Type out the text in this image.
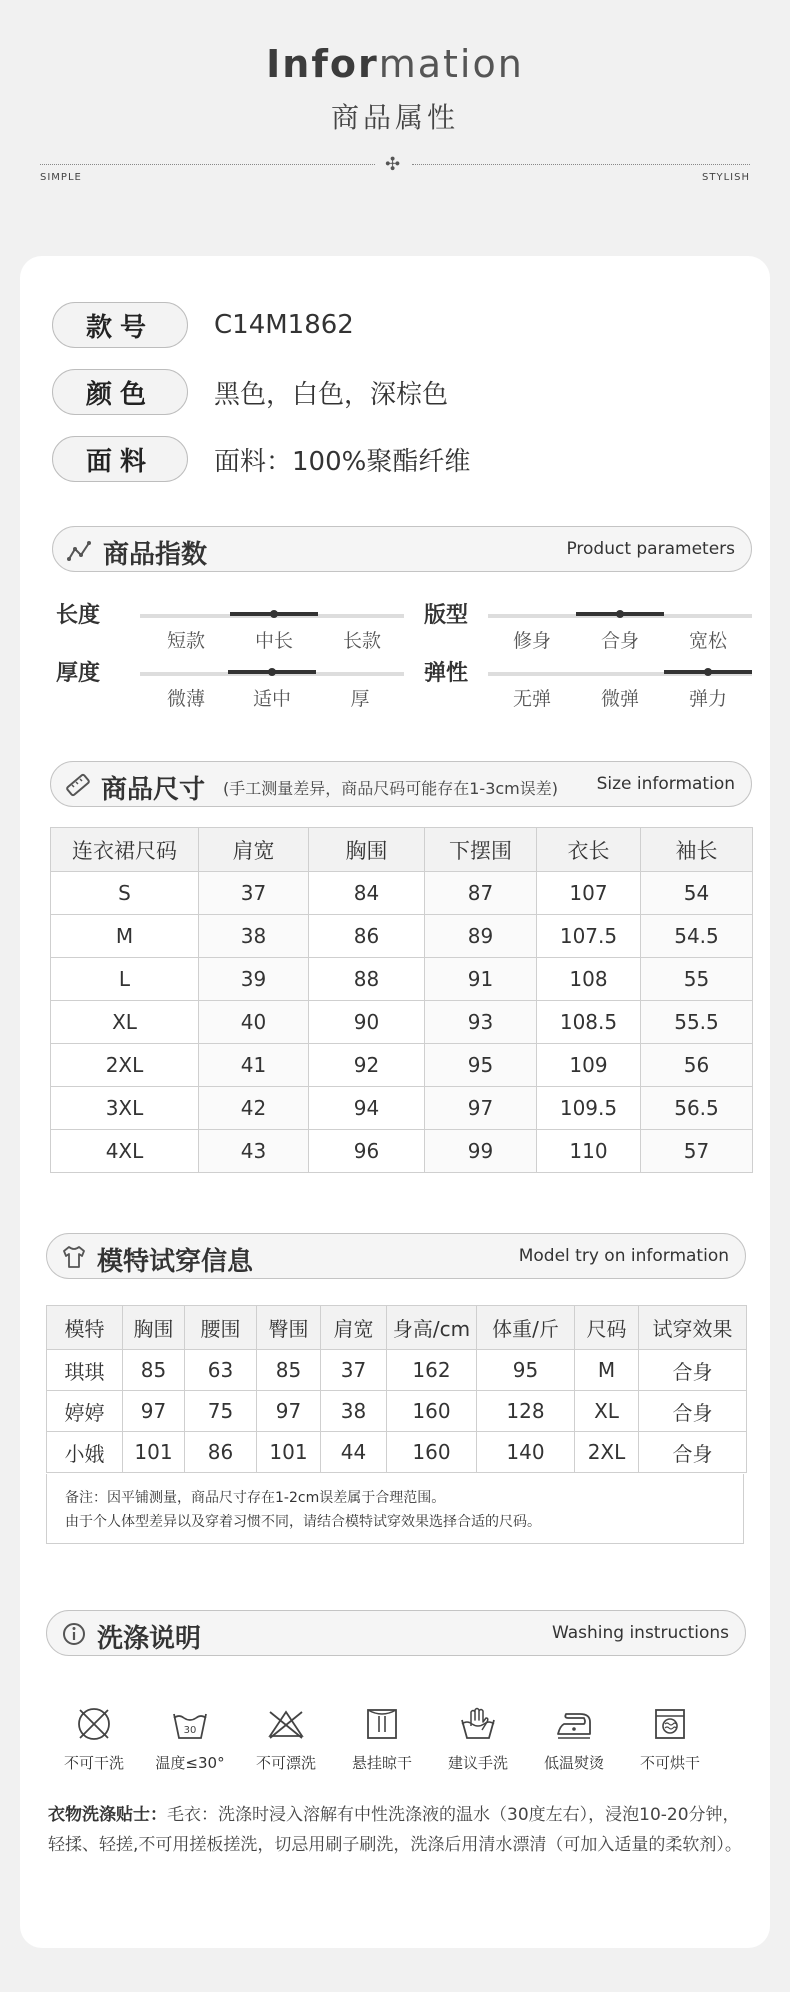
Information
商品属性
✣
SIMPLE	STYLISH
款号	C14M1862
颜色	黑色，白色，深棕色
面料	面料：100%聚酯纤维
商品指数	Product parameters
长度
短款	中长	长款
版型
修身	合身	宽松
厚度
微薄	适中	厚
弹性
无弹	微弹	弹力
商品尺寸 (手工测量差异，商品尺码可能存在1-3cm误差) Size information
连衣裙尺码	肩宽	胸围	下摆围	衣长	袖长
S	37	84	87	107	54
M	38	86	89	107.5	54.5
L	39	88	91	108	55
XL	40	90	93	108.5	55.5
2XL	41	92	95	109	56
3XL	42	94	97	109.5	56.5
4XL	43	96	99	110	57
模特试穿信息	Model try on information
模特	胸围	腰围	臀围	肩宽	身高/cm	体重/斤	尺码	试穿效果
琪琪	85	63	85	37	162	95	M	合身
婷婷	97	75	97	38	160	128	XL	合身
小娥	101	86	101	44	160	140	2XL	合身
备注：因平铺测量，商品尺寸存在1-2cm误差属于合理范围。
由于个人体型差异以及穿着习惯不同，请结合模特试穿效果选择合适的尺码。
洗涤说明	Washing instructions
不可干洗
30
温度≤30°	不可漂洗	悬挂晾干	建议手洗	低温熨烫	不可烘干
衣物洗涤贴士：毛衣：洗涤时浸入溶解有中性洗涤液的温水（30度左右），浸泡10-20分钟，轻揉、轻搓,不可用搓板搓洗，切忌用刷子刷洗，洗涤后用清水漂清（可加入适量的柔软剂）。
